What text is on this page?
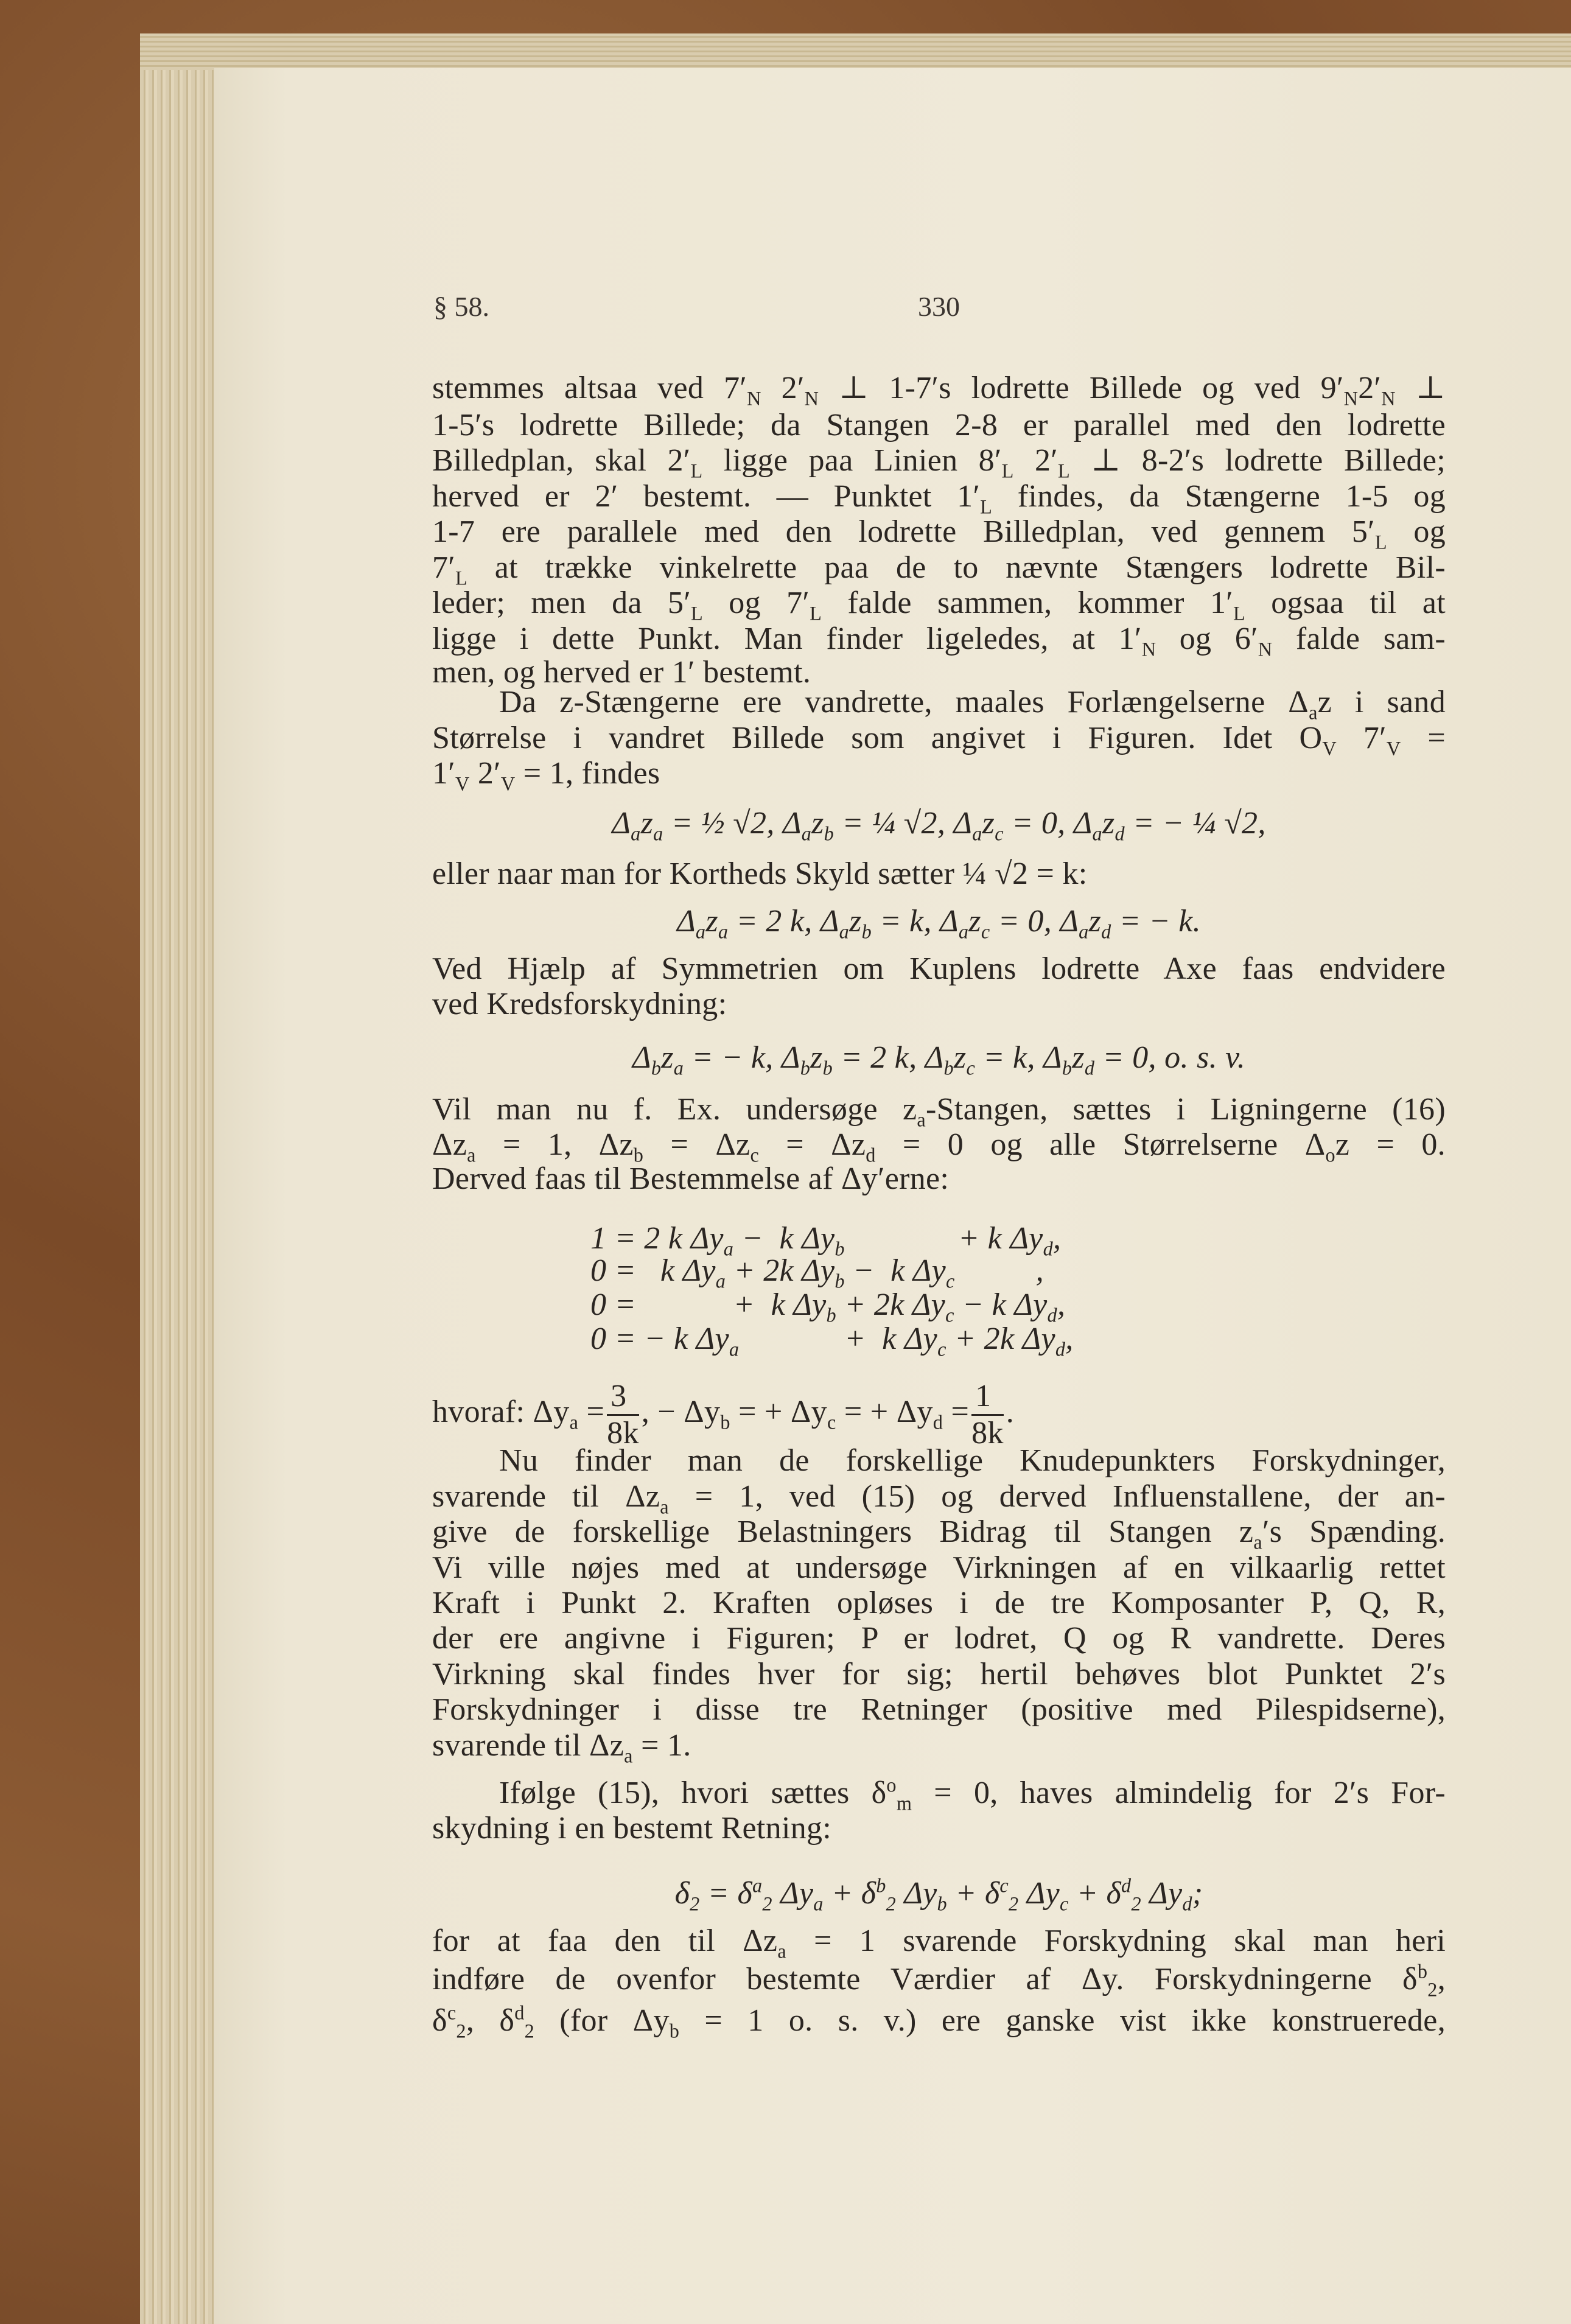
§ 58.	330
stemmes altsaa ved $7'_N$ $2'_N$ ⊥ 1-7′s lodrette Billede og ved $9'_N2'_N$ ⊥
1-5′s lodrette Billede; da Stangen 2-8 er parallel med den lodrette
Billedplan, skal $2'_L$ ligge paa Linien $8'_L$ $2'_L$ ⊥ 8-2′s lodrette Billede;
herved er 2′ bestemt. — Punktet $1'_L$ findes, da Stængerne 1-5 og
1-7 ere parallele med den lodrette Billedplan, ved gennem $5'_L$ og
$7'_L$ at trække vinkelrette paa de to nævnte Stængers lodrette Bil-
leder; men da $5'_L$ og $7'_L$ falde sammen, kommer $1'_L$ ogsaa til at
ligge i dette Punkt. Man finder ligeledes, at $1'_N$ og $6'_N$ falde sam-
men, og herved er 1′ bestemt.
Da z-Stængerne ere vandrette, maales Forlængelserne $\Delta_az$ i sand
Størrelse i vandret Billede som angivet i Figuren. Idet $O_V$ $7'_V$ =
$1'_V$ $2'_V = 1$, findes
$\Delta_az_a$ = ½ √2, $\Delta_az_b$ = ¼ √2, $\Delta_az_c = 0$, $\Delta_az_d$ = − ¼ √2,
eller naar man for Kortheds Skyld sætter ¼ √2 = k:
$\Delta_az_a = 2$ k, $\Delta_az_b = k$, $\Delta_az_c = 0$, $\Delta_az_d$ = − k.
Ved Hjælp af Symmetrien om Kuplens lodrette Axe faas endvidere
ved Kredsforskydning:
$\Delta_bz_a$ = − k, $\Delta_bz_b = 2$ k, $\Delta_bz_c = k$, $\Delta_bz_d = 0$, o. s. v.
Vil man nu f. Ex. undersøge $z_a$-Stangen, sættes i Ligningerne (16)
$\Delta z_a = 1$, $\Delta z_b = \Delta z_c = \Delta z_d = 0$ og alle Størrelserne $\Delta_oz = 0$.
Derved faas til Bestemmelse af Δy′erne:
1 = 2 k $\Delta y_a - k$ $\Delta y_b$              + k $\Delta y_d$,
0 =   k $\Delta y_a + 2k$ $\Delta y_b - k$ $\Delta y_c$          ,
0 =            +  k $\Delta y_b + 2k$ $\Delta y_c - k$ $\Delta y_d$,
0 = − k $\Delta y_a$             +  k $\Delta y_c + 2k$ $\Delta y_d$,
Nu finder man de forskellige Knudepunkters Forskydninger,
svarende til $\Delta z_a = 1$, ved (15) og derved Influenstallene, der an-
give de forskellige Belastningers Bidrag til Stangen $z_a's$ Spænding.
Vi ville nøjes med at undersøge Virkningen af en vilkaarlig rettet
Kraft i Punkt 2. Kraften opløses i de tre Komposanter P, Q, R,
der ere angivne i Figuren; P er lodret, Q og R vandrette. Deres
Virkning skal findes hver for sig; hertil behøves blot Punktet 2′s
Forskydninger i disse tre Retninger (positive med Pilespidserne),
svarende til $\Delta z_a = 1$.
Ifølge (15), hvori sættes $\delta^o_m = 0$, haves almindelig for 2′s For-
skydning i en bestemt Retning:
$\delta_2 = \delta^a_2$ $\Delta y_a + \delta^b_2$ $\Delta y_b + \delta^c_2$ $\Delta y_c + \delta^d_2$ $\Delta y_d$;
for at faa den til $\Delta z_a = 1$ svarende Forskydning skal man heri
indføre de ovenfor bestemte Værdier af Δy. Forskydningerne $\delta^b_2$,
$\delta^c_2$, $\delta^d_2$ (for $\Delta y_b = 1$ o. s. v.) ere ganske vist ikke konstruerede,
hvoraf: $\Delta y_a = \frac{3}{8k}$ , − $\Delta y_b$ = + $\Delta y_c$ = + $\Delta y_d = \frac{1}{8k}$ .
